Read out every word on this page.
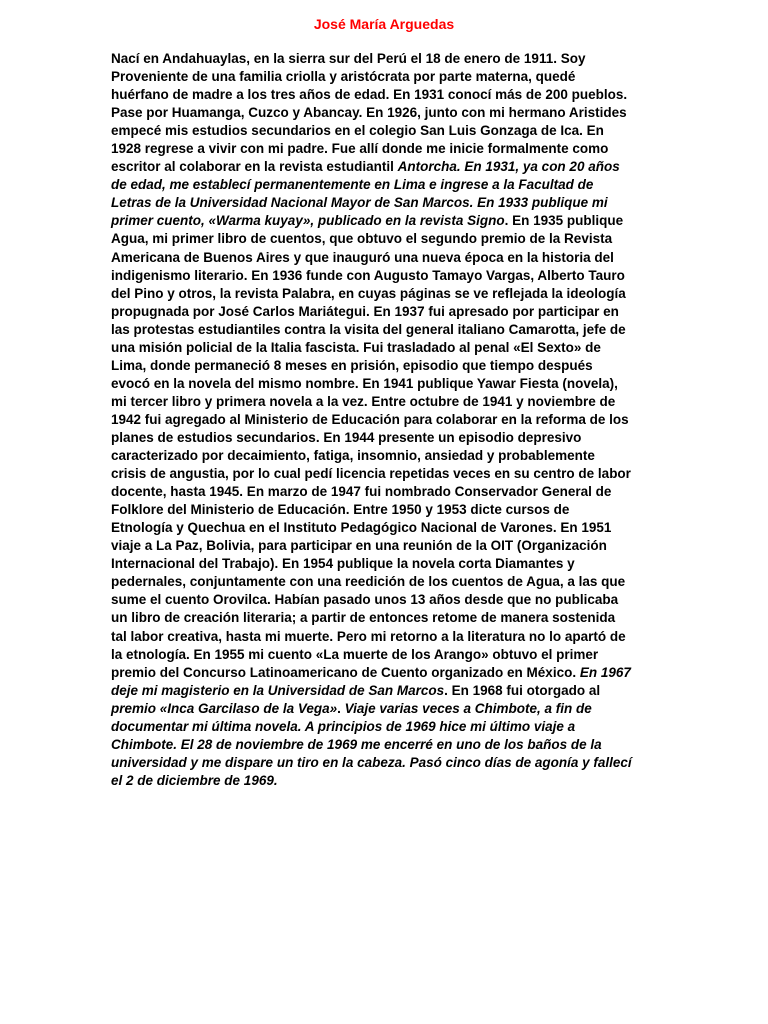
José María Arguedas
Nací en Andahuaylas, en la sierra sur del Perú el 18 de enero de 1911. Soy
Proveniente de una familia criolla y aristócrata por parte materna, quedé
huérfano de madre a los tres años de edad. En 1931 conocí más de 200 pueblos.
Pase por Huamanga, Cuzco y Abancay. En 1926, junto con mi hermano Aristides
empecé mis estudios secundarios en el colegio San Luis Gonzaga de Ica. En
1928 regrese a vivir con mi padre. Fue allí donde me inicie formalmente como
escritor al colaborar en la revista estudiantil Antorcha. En 1931, ya con 20 años
de edad, me establecí permanentemente en Lima e ingrese a la Facultad de
Letras de la Universidad Nacional Mayor de San Marcos. En 1933 publique mi
primer cuento, «Warma kuyay», publicado en la revista Signo. En 1935 publique
Agua, mi primer libro de cuentos, que obtuvo el segundo premio de la Revista
Americana de Buenos Aires y que inauguró una nueva época en la historia del
indigenismo literario. En 1936 funde con Augusto Tamayo Vargas, Alberto Tauro
del Pino y otros, la revista Palabra, en cuyas páginas se ve reflejada la ideología
propugnada por José Carlos Mariátegui. En 1937 fui apresado por participar en
las protestas estudiantiles contra la visita del general italiano Camarotta, jefe de
una misión policial de la Italia fascista. Fui trasladado al penal «El Sexto» de
Lima, donde permaneció 8 meses en prisión, episodio que tiempo después
evocó en la novela del mismo nombre. En 1941 publique Yawar Fiesta (novela),
mi tercer libro y primera novela a la vez. Entre octubre de 1941 y noviembre de
1942 fui agregado al Ministerio de Educación para colaborar en la reforma de los
planes de estudios secundarios. En 1944 presente un episodio depresivo
caracterizado por decaimiento, fatiga, insomnio, ansiedad y probablemente
crisis de angustia, por lo cual pedí licencia repetidas veces en su centro de labor
docente, hasta 1945. En marzo de 1947 fui nombrado Conservador General de
Folklore del Ministerio de Educación. Entre 1950 y 1953 dicte cursos de
Etnología y Quechua en el Instituto Pedagógico Nacional de Varones. En 1951
viaje a La Paz, Bolivia, para participar en una reunión de la OIT (Organización
Internacional del Trabajo). En 1954 publique la novela corta Diamantes y
pedernales, conjuntamente con una reedición de los cuentos de Agua, a las que
sume el cuento Orovilca. Habían pasado unos 13 años desde que no publicaba
un libro de creación literaria; a partir de entonces retome de manera sostenida
tal labor creativa, hasta mi muerte. Pero mi retorno a la literatura no lo apartó de
la etnología. En 1955 mi cuento «La muerte de los Arango» obtuvo el primer
premio del Concurso Latinoamericano de Cuento organizado en México. En 1967
deje mi magisterio en la Universidad de San Marcos. En 1968 fui otorgado al
premio «Inca Garcilaso de la Vega». Viaje varias veces a Chimbote, a fin de
documentar mi última novela. A principios de 1969 hice mi último viaje a
Chimbote. El 28 de noviembre de 1969 me encerré en uno de los baños de la
universidad y me dispare un tiro en la cabeza. Pasó cinco días de agonía y fallecí
el 2 de diciembre de 1969.
